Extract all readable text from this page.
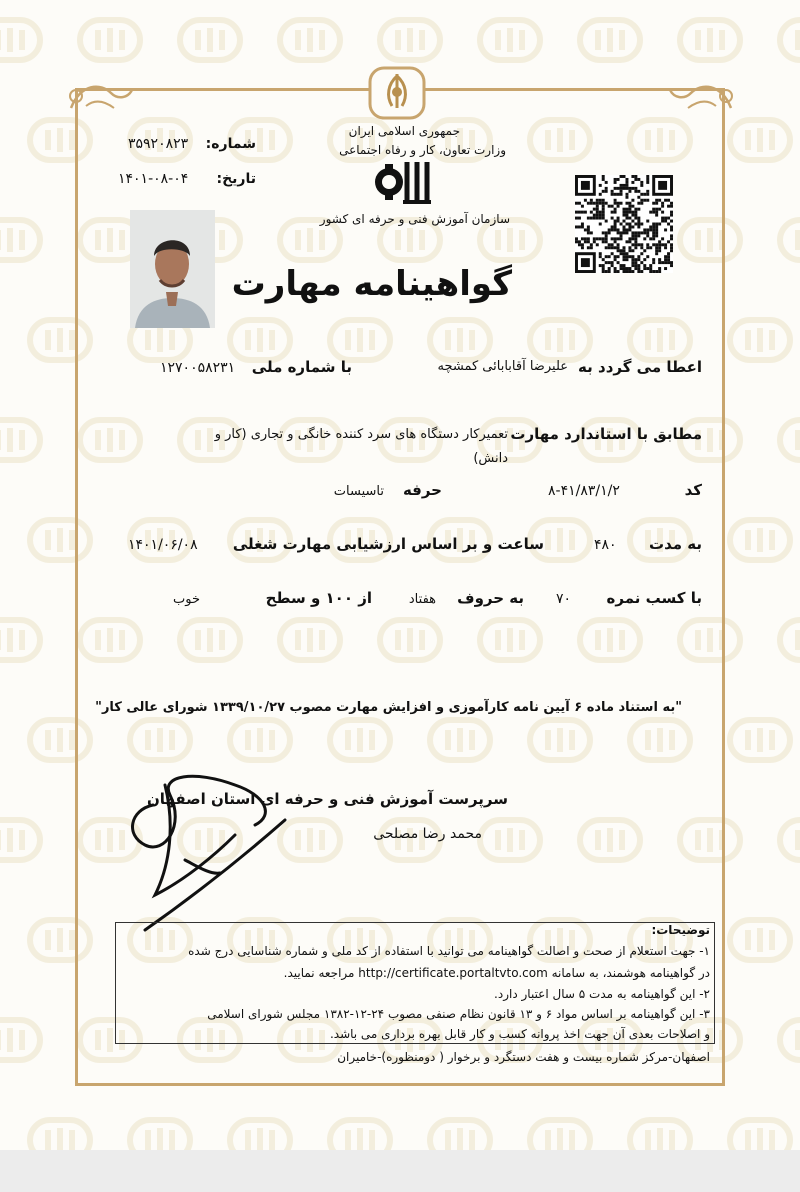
جمهوری اسلامی ایران
وزارت تعاون، کار و رفاه اجتماعی
سازمان آموزش فنی و حرفه ای کشور
شماره:
۳۵۹۲۰۸۲۳
تاریخ:
۱۴۰۱-۰۸-۰۴
گواهینامه مهارت
اعطا می گردد به
علیرضا آقابابائی کمشچه
با شماره ملی
۱۲۷۰۰۵۸۲۳۱
مطابق با استاندارد مهارت
تعمیرکار دستگاه های سرد کننده خانگی و تجاری (کار و
دانش)
کد
۸-۴۱/۸۳/۱/۲
حرفه
تاسیسات
به مدت
۴۸۰
ساعت و بر اساس ارزشیابی مهارت شغلی
۱۴۰۱/۰۶/۰۸
با کسب نمره
۷۰
به حروف
هفتاد
از ۱۰۰ و سطح
خوب
"به استناد ماده ۶ آیین نامه کارآموزی و افزایش مهارت مصوب ۱۳۳۹/۱۰/۲۷ شورای عالی کار"
سرپرست آموزش فنی و حرفه ای استان اصفهان
محمد رضا مصلحی
توضیحات:
۱- جهت استعلام از صحت و اصالت گواهینامه می توانید با استفاده از کد ملی و شماره شناسایی درج شده
در گواهینامه هوشمند، به سامانه http://certificate.portaltvto.com مراجعه نمایید.
۲- این گواهینامه به مدت ۵ سال اعتبار دارد.
۳- این گواهینامه بر اساس مواد ۶ و ۱۳ قانون نظام صنفی مصوب ۲۴-۱۲-۱۳۸۲ مجلس شورای اسلامی
و اصلاحات بعدی آن جهت اخذ پروانه کسب و کار قابل بهره برداری می باشد.
اصفهان-مرکز شماره بیست و هفت دستگرد و برخوار ( دومنظوره)-خامیران
